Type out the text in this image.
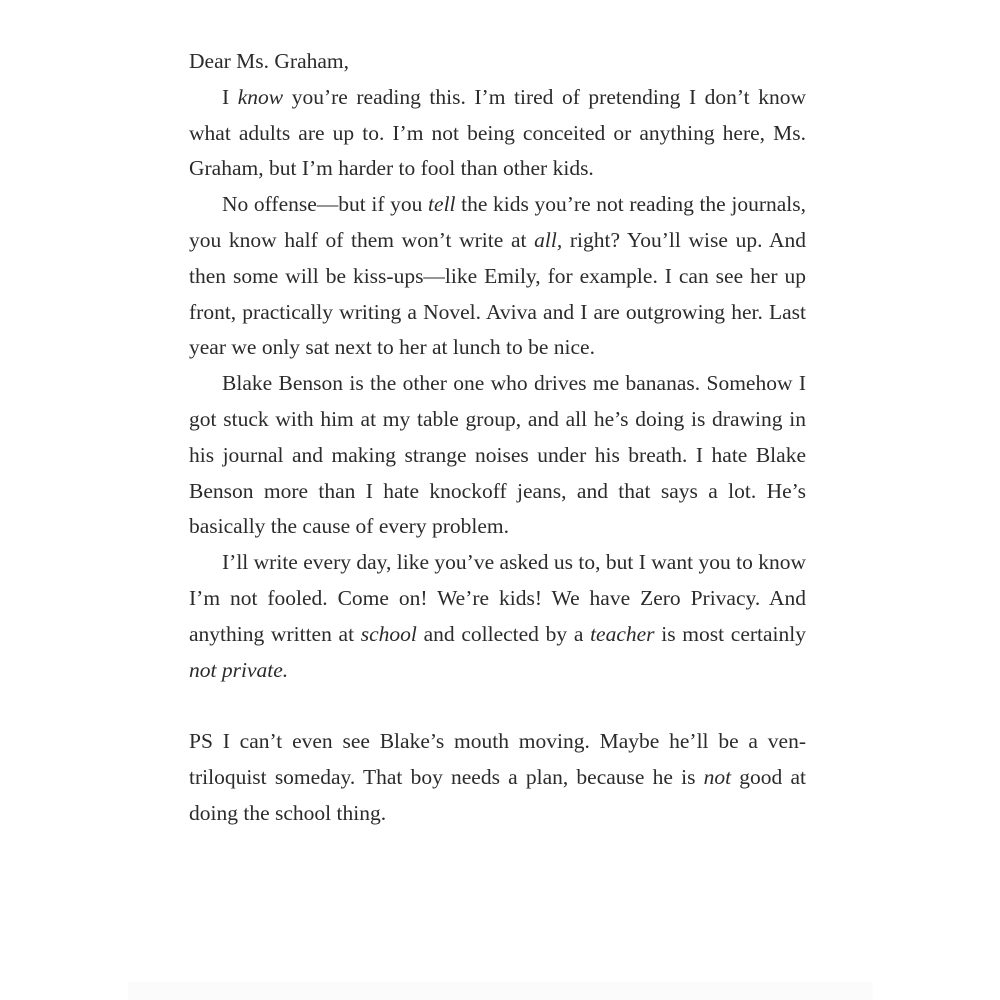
Dear Ms. Graham,

I know you’re reading this. I’m tired of pretending I don’t know what adults are up to. I’m not being conceited or anything here, Ms. Graham, but I’m harder to fool than other kids.

No offense—but if you tell the kids you’re not reading the journals, you know half of them won’t write at all, right? You’ll wise up. And then some will be kiss-ups—like Emily, for example. I can see her up front, practically writing a Novel. Aviva and I are outgrowing her. Last year we only sat next to her at lunch to be nice.

Blake Benson is the other one who drives me bananas. Somehow I got stuck with him at my table group, and all he’s doing is drawing in his journal and making strange noises under his breath. I hate Blake Benson more than I hate knockoff jeans, and that says a lot. He’s basically the cause of every problem.

I’ll write every day, like you’ve asked us to, but I want you to know I’m not fooled. Come on! We’re kids! We have Zero Privacy. And anything written at school and collected by a teacher is most certainly not private.

PS I can’t even see Blake’s mouth moving. Maybe he’ll be a ventriloquist someday. That boy needs a plan, because he is not good at doing the school thing.
